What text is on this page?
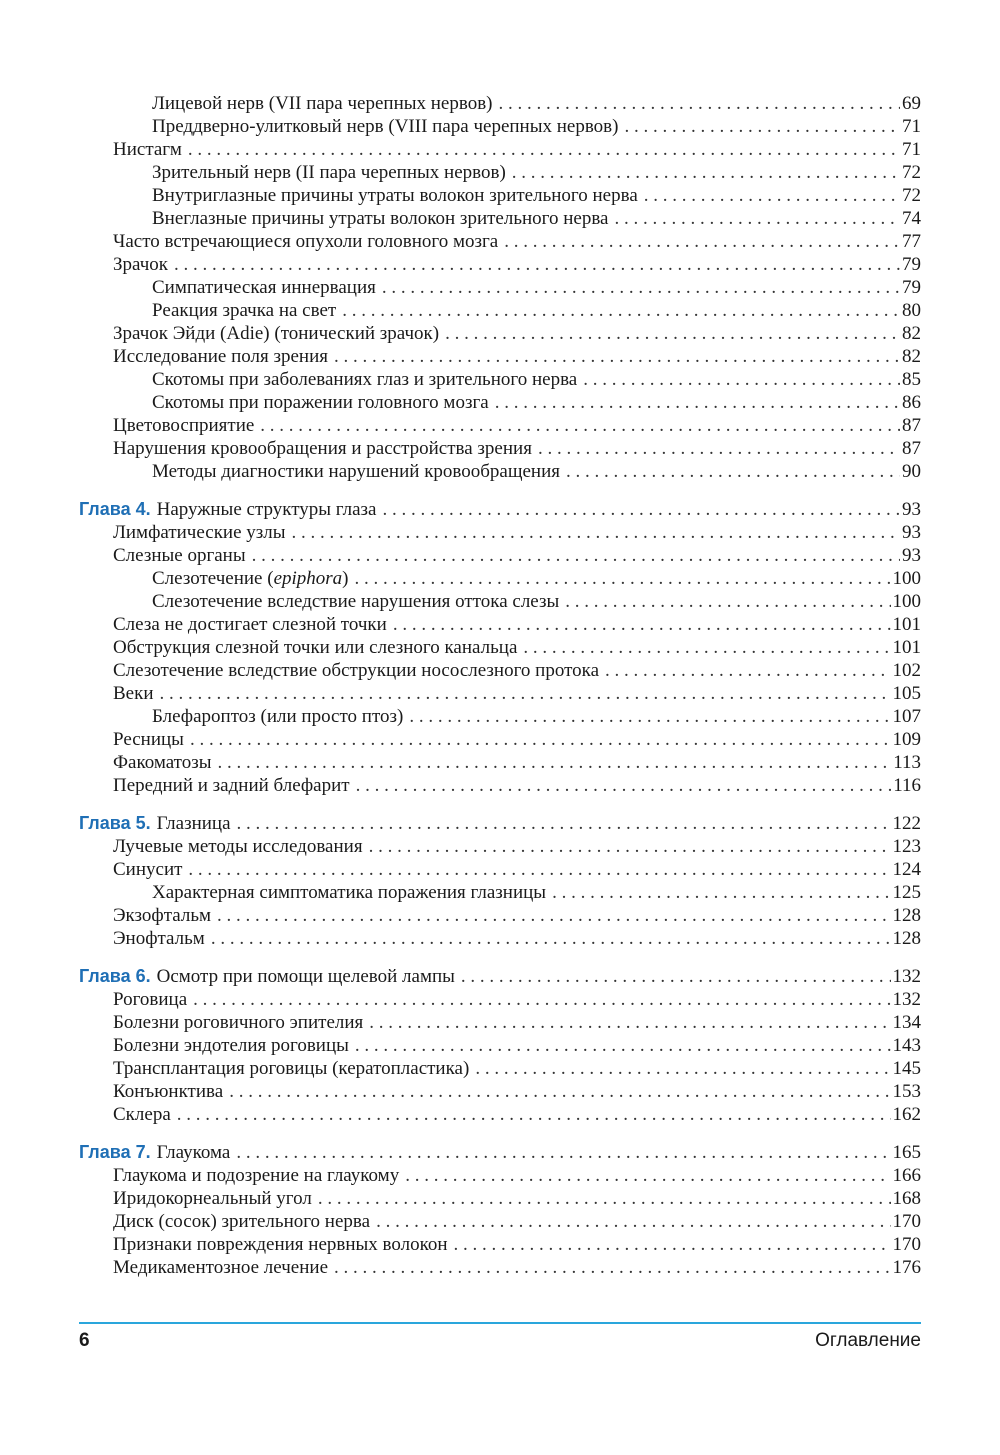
Лицевой нерв (VII пара черепных нервов) . . .	69
Преддверно-улитковый нерв (VIII пара черепных нервов) . . .	71
Нистагм . . .	71
Зрительный нерв (II пара черепных нервов) . . .	72
Внутриглазные причины утраты волокон зрительного нерва . . .	72
Внеглазные причины утраты волокон зрительного нерва . . .	74
Часто встречающиеся опухоли головного мозга . . .	77
Зрачок . . .	79
Симпатическая иннервация . . .	79
Реакция зрачка на свет . . .	80
Зрачок Эйди (Adie) (тонический зрачок) . . .	82
Исследование поля зрения . . .	82
Скотомы при заболеваниях глаз и зрительного нерва . . .	85
Скотомы при поражении головного мозга . . .	86
Цветовосприятие . . .	87
Нарушения кровообращения и расстройства зрения . . .	87
Методы диагностики нарушений кровообращения . . .	90
Глава 4. Наружные структуры глаза . . .	93
Лимфатические узлы . . .	93
Слезные органы . . .	93
Слезотечение (epiphora) . . .	100
Слезотечение вследствие нарушения оттока слезы . . .	100
Слеза не достигает слезной точки . . .	101
Обструкция слезной точки или слезного канальца . . .	101
Слезотечение вследствие обструкции носослезного протока . . .	102
Веки . . .	105
Блефароптоз (или просто птоз) . . .	107
Ресницы . . .	109
Факоматозы . . .	113
Передний и задний блефарит . . .	116
Глава 5. Глазница . . .	122
Лучевые методы исследования . . .	123
Синусит . . .	124
Характерная симптоматика поражения глазницы . . .	125
Экзофтальм . . .	128
Энофтальм . . .	128
Глава 6. Осмотр при помощи щелевой лампы . . .	132
Роговица . . .	132
Болезни роговичного эпителия . . .	134
Болезни эндотелия роговицы . . .	143
Трансплантация роговицы (кератопластика) . . .	145
Конъюнктива . . .	153
Склера . . .	162
Глава 7. Глаукома . . .	165
Глаукома и подозрение на глаукому . . .	166
Иридокорнеальный угол . . .	168
Диск (сосок) зрительного нерва . . .	170
Признаки повреждения нервных волокон . . .	170
Медикаментозное лечение . . .	176
6	Оглавление
